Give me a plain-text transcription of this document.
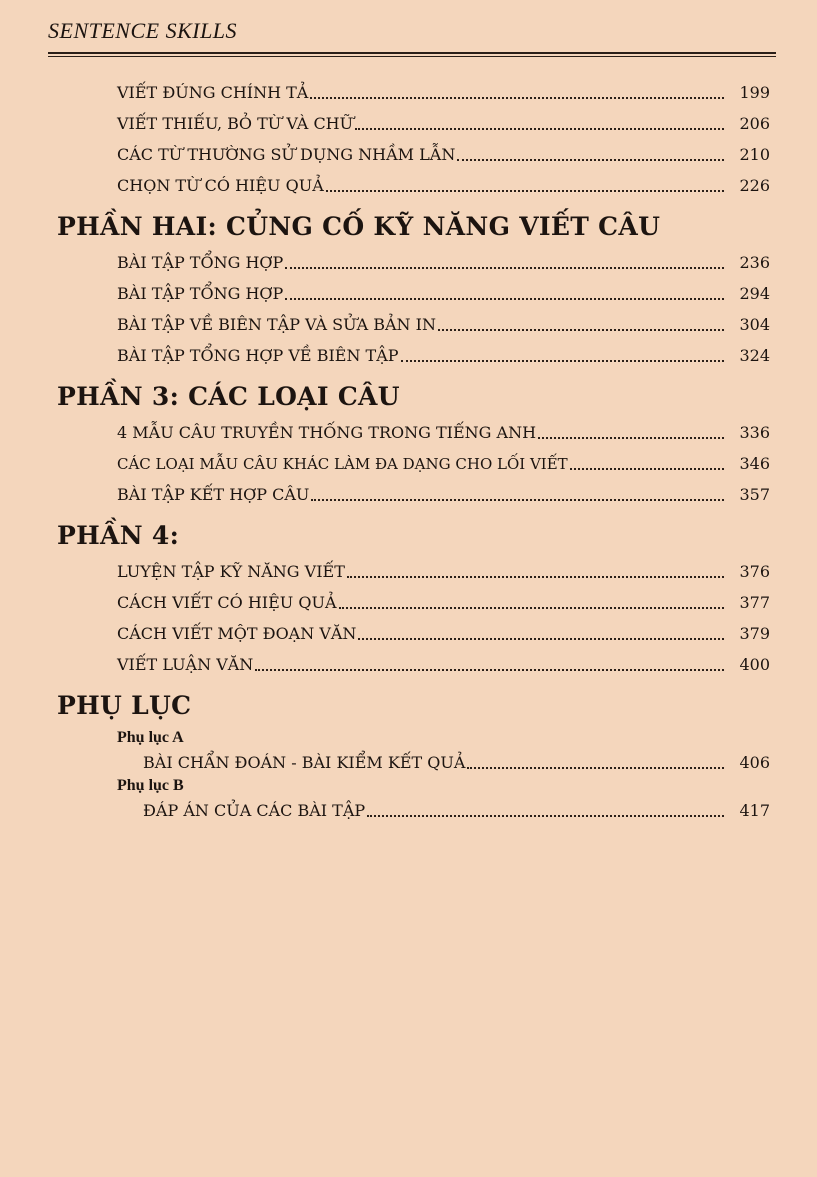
SENTENCE SKILLS
VIẾT ĐÚNG CHÍNH TẢ	199
VIẾT THIẾU, BỎ TỪ VÀ CHỮ	206
CÁC TỪ THƯỜNG SỬ DỤNG NHẦM LẪN	210
CHỌN TỪ CÓ HIỆU QUẢ	226
PHẦN HAI: CỦNG CỐ KỸ NĂNG VIẾT CÂU
BÀI TẬP TỔNG HỢP	236
BÀI TẬP TỔNG HỢP	294
BÀI TẬP VỀ BIÊN TẬP VÀ SỬA BẢN IN	304
BÀI TẬP TỔNG HỢP VỀ BIÊN TẬP	324
PHẦN 3: CÁC LOẠI CÂU
4 MẪU CÂU TRUYỀN THỐNG TRONG TIẾNG ANH	336
CÁC LOẠI MẪU CÂU KHÁC LÀM ĐA DẠNG CHO LỐI VIẾT	346
BÀI TẬP KẾT HỢP CÂU	357
PHẦN 4:
LUYỆN TẬP KỸ NĂNG VIẾT	376
CÁCH VIẾT CÓ HIỆU QUẢ	377
CÁCH VIẾT MỘT ĐOẠN VĂN	379
VIẾT LUẬN VĂN	400
PHỤ LỤC
Phụ lục A
BÀI CHẨN ĐOÁN - BÀI KIỂM KẾT QUẢ	406
Phụ lục B
ĐÁP ÁN CỦA CÁC BÀI TẬP	417
